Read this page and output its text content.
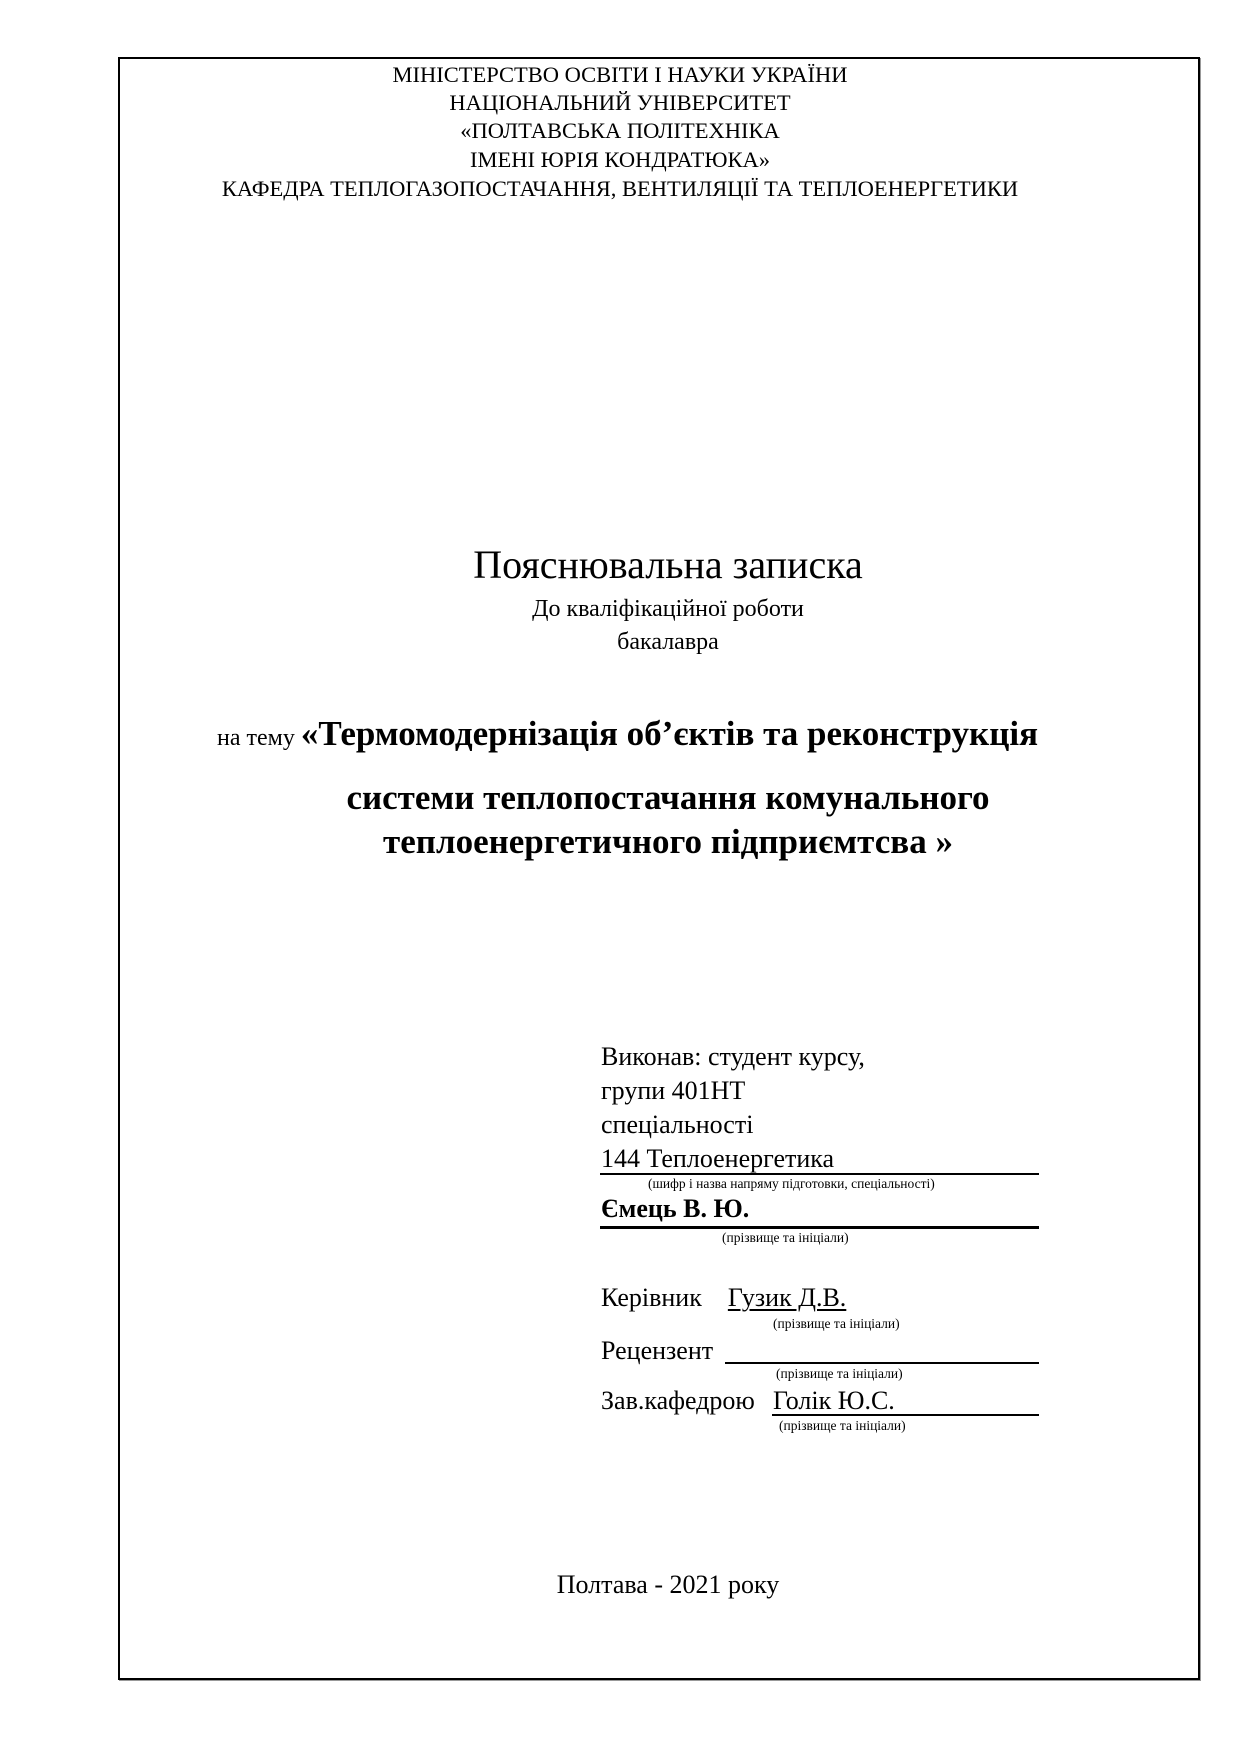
МІНІСТЕРСТВО ОСВІТИ І НАУКИ УКРАЇНИ
НАЦІОНАЛЬНИЙ УНІВЕРСИТЕТ
«ПОЛТАВСЬКА ПОЛІТЕХНІКА
ІМЕНІ ЮРІЯ КОНДРАТЮКА»
КАФЕДРА ТЕПЛОГАЗОПОСТАЧАННЯ, ВЕНТИЛЯЦІЇ ТА ТЕПЛОЕНЕРГЕТИКИ
Пояснювальна записка
До кваліфікаційної роботи
бакалавра
на тему «Термомодернізація об’єктів та реконструкція
системи теплопостачання комунального
теплоенергетичного підприємтсва »
Виконав: студент курсу,
групи 401НТ
спеціальності
144 Теплоенергетика
(шифр і назва напряму підготовки, спеціальності)
Ємець В. Ю.
(прізвище та ініціали)
Керівник Гузик Д.В.
(прізвище та ініціали)
Рецензент
(прізвище та ініціали)
Зав.кафедрою Голік Ю.С.
(прізвище та ініціали)
Полтава - 2021 року
